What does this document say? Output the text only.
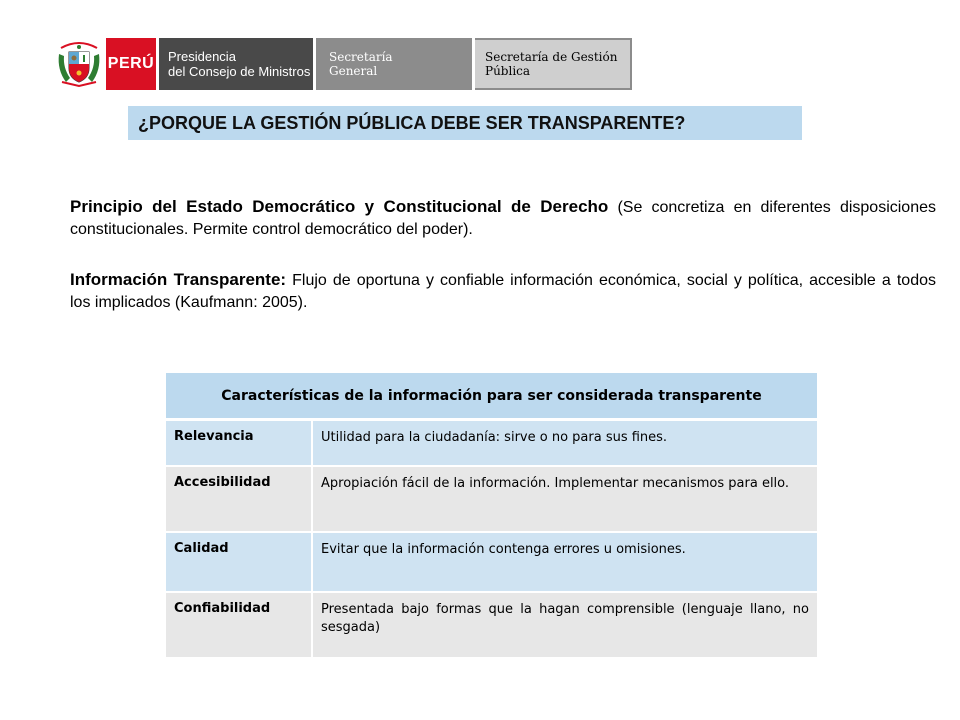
PERÚ Presidencia
del Consejo de Ministros
Secretaría
General
Secretaría de Gestión
Pública
¿PORQUE LA GESTIÓN PÚBLICA DEBE SER TRANSPARENTE?

Principio del Estado Democrático y Constitucional de Derecho (Se concretiza en diferentes disposiciones constitucionales. Permite control democrático del poder).

Información Transparente: Flujo de oportuna y confiable información económica, social y política, accesible a todos los implicados (Kaufmann: 2005).

Características de la información para ser considerada transparente	
Relevancia	Utilidad para la ciudadanía: sirve o no para sus fines.
Accesibilidad	Apropiación fácil de la información. Implementar mecanismos para ello.
Calidad	Evitar que la información contenga errores u omisiones.
Confiabilidad	Presentada bajo formas que la hagan comprensible (lenguaje llano, no sesgada)
